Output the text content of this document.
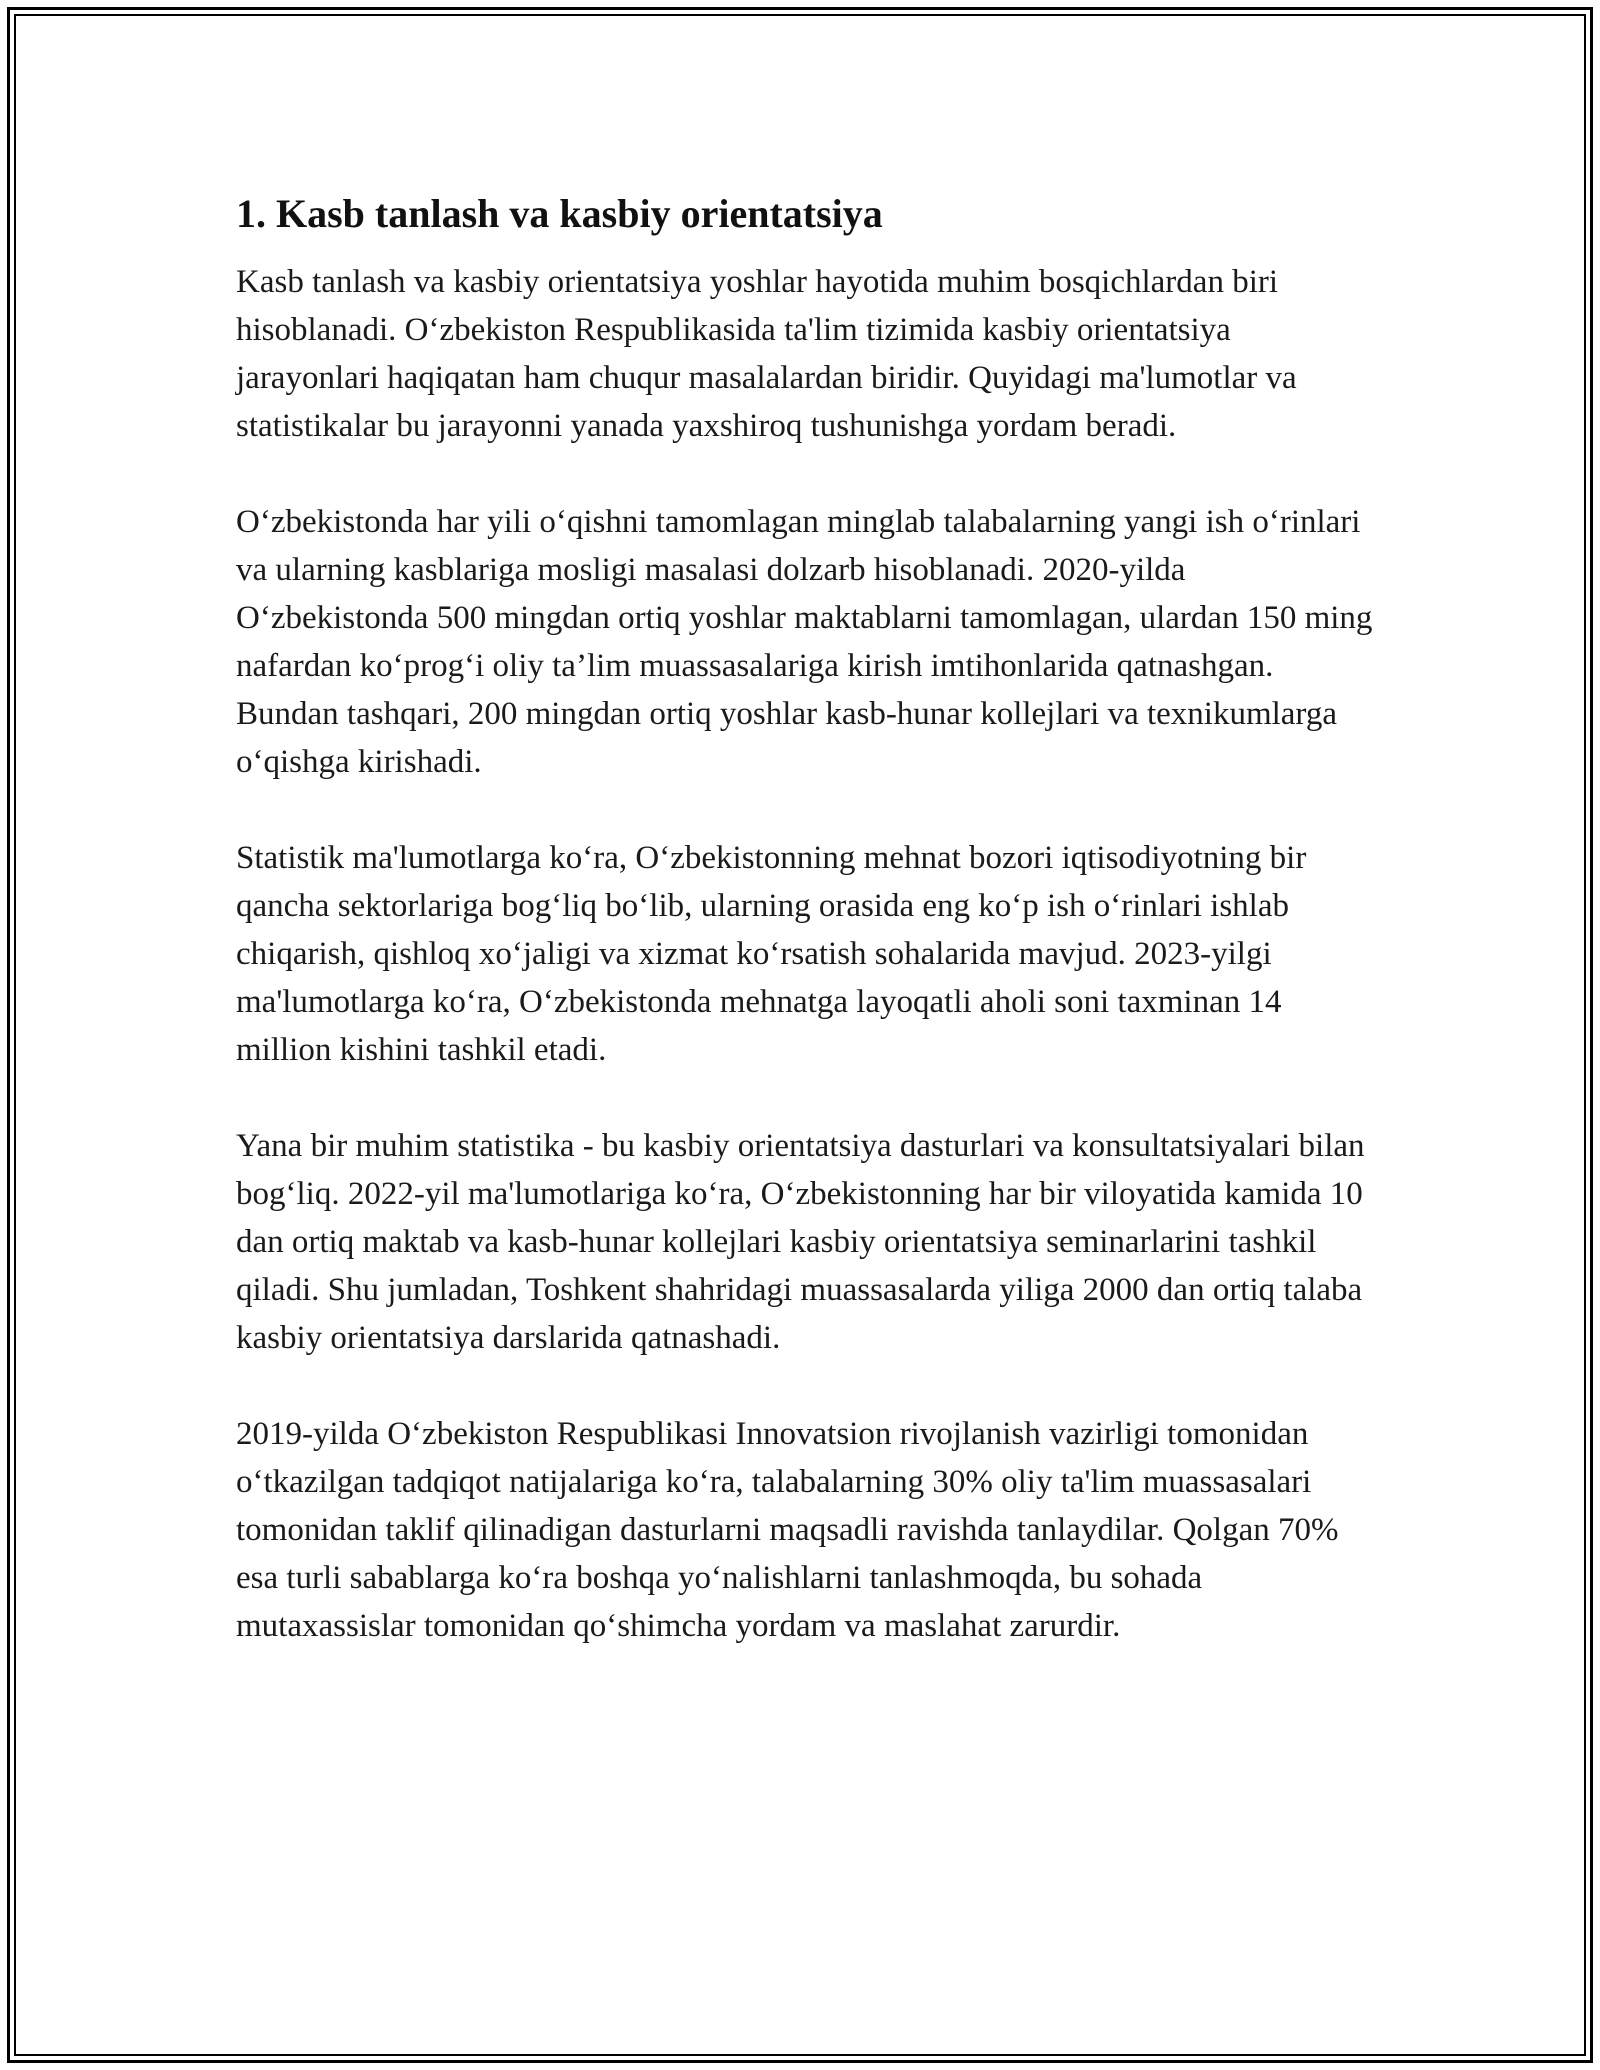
1. Kasb tanlash va kasbiy orientatsiya

Kasb tanlash va kasbiy orientatsiya yoshlar hayotida muhim bosqichlardan biri hisoblanadi. O‘zbekiston Respublikasida ta'lim tizimida kasbiy orientatsiya jarayonlari haqiqatan ham chuqur masalalardan biridir. Quyidagi ma'lumotlar va statistikalar bu jarayonni yanada yaxshiroq tushunishga yordam beradi.

O‘zbekistonda har yili o‘qishni tamomlagan minglab talabalarning yangi ish o‘rinlari va ularning kasblariga mosligi masalasi dolzarb hisoblanadi. 2020-yilda O‘zbekistonda 500 mingdan ortiq yoshlar maktablarni tamomlagan, ulardan 150 ming nafardan ko‘prog‘i oliy ta’lim muassasalariga kirish imtihonlarida qatnashgan. Bundan tashqari, 200 mingdan ortiq yoshlar kasb-hunar kollejlari va texnikumlarga o‘qishga kirishadi.

Statistik ma'lumotlarga ko‘ra, O‘zbekistonning mehnat bozori iqtisodiyotning bir qancha sektorlariga bog‘liq bo‘lib, ularning orasida eng ko‘p ish o‘rinlari ishlab chiqarish, qishloq xo‘jaligi va xizmat ko‘rsatish sohalarida mavjud. 2023-yilgi ma'lumotlarga ko‘ra, O‘zbekistonda mehnatga layoqatli aholi soni taxminan 14 million kishini tashkil etadi.

Yana bir muhim statistika - bu kasbiy orientatsiya dasturlari va konsultatsiyalari bilan bog‘liq. 2022-yil ma'lumotlariga ko‘ra, O‘zbekistonning har bir viloyatida kamida 10 dan ortiq maktab va kasb-hunar kollejlari kasbiy orientatsiya seminarlarini tashkil qiladi. Shu jumladan, Toshkent shahridagi muassasalarda yiliga 2000 dan ortiq talaba kasbiy orientatsiya darslarida qatnashadi.

2019-yilda O‘zbekiston Respublikasi Innovatsion rivojlanish vazirligi tomonidan o‘tkazilgan tadqiqot natijalariga ko‘ra, talabalarning 30% oliy ta'lim muassasalari tomonidan taklif qilinadigan dasturlarni maqsadli ravishda tanlaydilar. Qolgan 70% esa turli sabablarga ko‘ra boshqa yo‘nalishlarni tanlashmoqda, bu sohada mutaxassislar tomonidan qo‘shimcha yordam va maslahat zarurdir.
